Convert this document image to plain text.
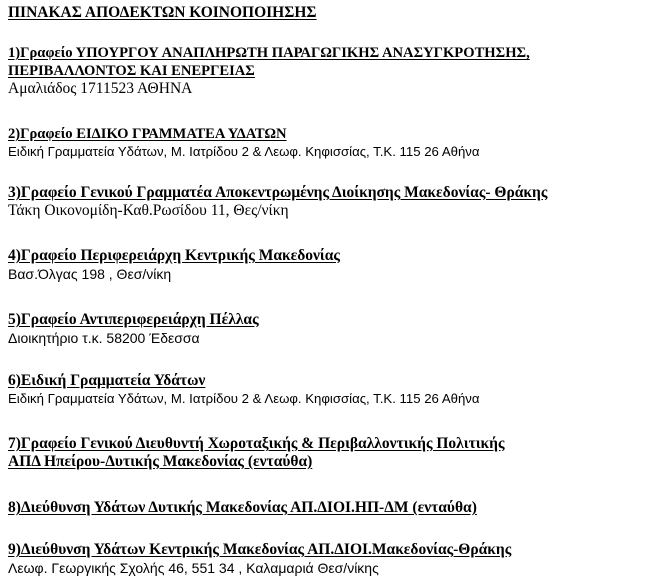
ΠΙΝΑΚΑΣ ΑΠΟΔΕΚΤΩΝ ΚΟΙΝΟΠΟΙΗΣΗΣ
1)Γραφείο ΥΠΟΥΡΓΟΥ ΑΝΑΠΛΗΡΩΤΗ ΠΑΡΑΓΩΓΙΚΗΣ ΑΝΑΣΥΓΚΡΟΤΗΣΗΣ,
ΠΕΡΙΒΑΛΛΟΝΤΟΣ ΚΑΙ ΕΝΕΡΓΕΙΑΣ
Αμαλιάδος 1711523 ΑΘΗΝΑ
2)Γραφείο ΕΙΔΙΚΟ ΓΡΑΜΜΑΤΕΑ ΥΔΑΤΩΝ
Ειδική Γραμματεία Υδάτων, Μ. Ιατρίδου 2 & Λεωφ. Κηφισσίας, Τ.Κ. 115 26 Αθήνα
3)Γραφείο Γενικού Γραμματέα Αποκεντρωμένης Διοίκησης Μακεδονίας- Θράκης
Τάκη Οικονομίδη-Καθ.Ρωσίδου 11, Θες/νίκη
4)Γραφείο Περιφερειάρχη Κεντρικής Μακεδονίας
Βασ.Όλγας 198 , Θεσ/νίκη
5)Γραφείο Αντιπεριφερειάρχη Πέλλας
Διοικητήριο τ.κ. 58200 Έδεσσα
6)Ειδική Γραμματεία Υδάτων
Ειδική Γραμματεία Υδάτων, Μ. Ιατρίδου 2 & Λεωφ. Κηφισσίας, Τ.Κ. 115 26 Αθήνα
7)Γραφείο Γενικού Διευθυντή Χωροταξικής & Περιβαλλοντικής Πολιτικής
ΑΠΔ Ηπείρου-Δυτικής Μακεδονίας (ενταύθα)
8)Διεύθυνση Υδάτων Δυτικής Μακεδονίας ΑΠ.ΔΙΟΙ.ΗΠ-ΔΜ (ενταύθα)
9)Διεύθυνση Υδάτων Κεντρικής Μακεδονίας ΑΠ.ΔΙΟΙ.Μακεδονίας-Θράκης
Λεωφ. Γεωργικής Σχολής 46, 551 34 , Καλαμαριά Θεσ/νίκης
